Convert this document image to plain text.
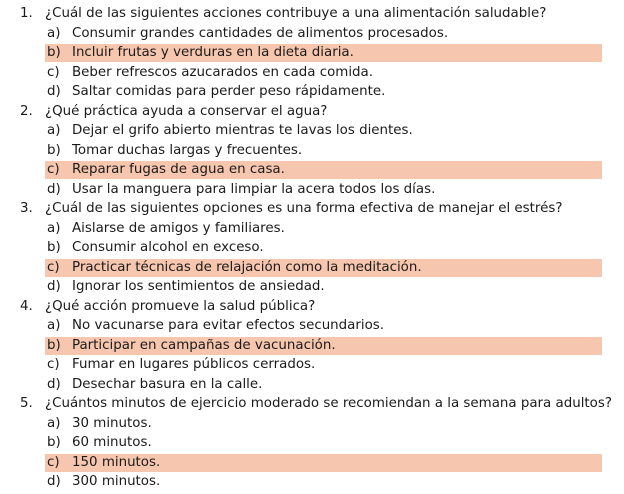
1. ¿Cuál de las siguientes acciones contribuye a una alimentación saludable?
a) Consumir grandes cantidades de alimentos procesados.
b) Incluir frutas y verduras en la dieta diaria.
c) Beber refrescos azucarados en cada comida.
d) Saltar comidas para perder peso rápidamente.
2. ¿Qué práctica ayuda a conservar el agua?
a) Dejar el grifo abierto mientras te lavas los dientes.
b) Tomar duchas largas y frecuentes.
c) Reparar fugas de agua en casa.
d) Usar la manguera para limpiar la acera todos los días.
3. ¿Cuál de las siguientes opciones es una forma efectiva de manejar el estrés?
a) Aislarse de amigos y familiares.
b) Consumir alcohol en exceso.
c) Practicar técnicas de relajación como la meditación.
d) Ignorar los sentimientos de ansiedad.
4. ¿Qué acción promueve la salud pública?
a) No vacunarse para evitar efectos secundarios.
b) Participar en campañas de vacunación.
c) Fumar en lugares públicos cerrados.
d) Desechar basura en la calle.
5. ¿Cuántos minutos de ejercicio moderado se recomiendan a la semana para adultos?
a) 30 minutos.
b) 60 minutos.
c) 150 minutos.
d) 300 minutos.
